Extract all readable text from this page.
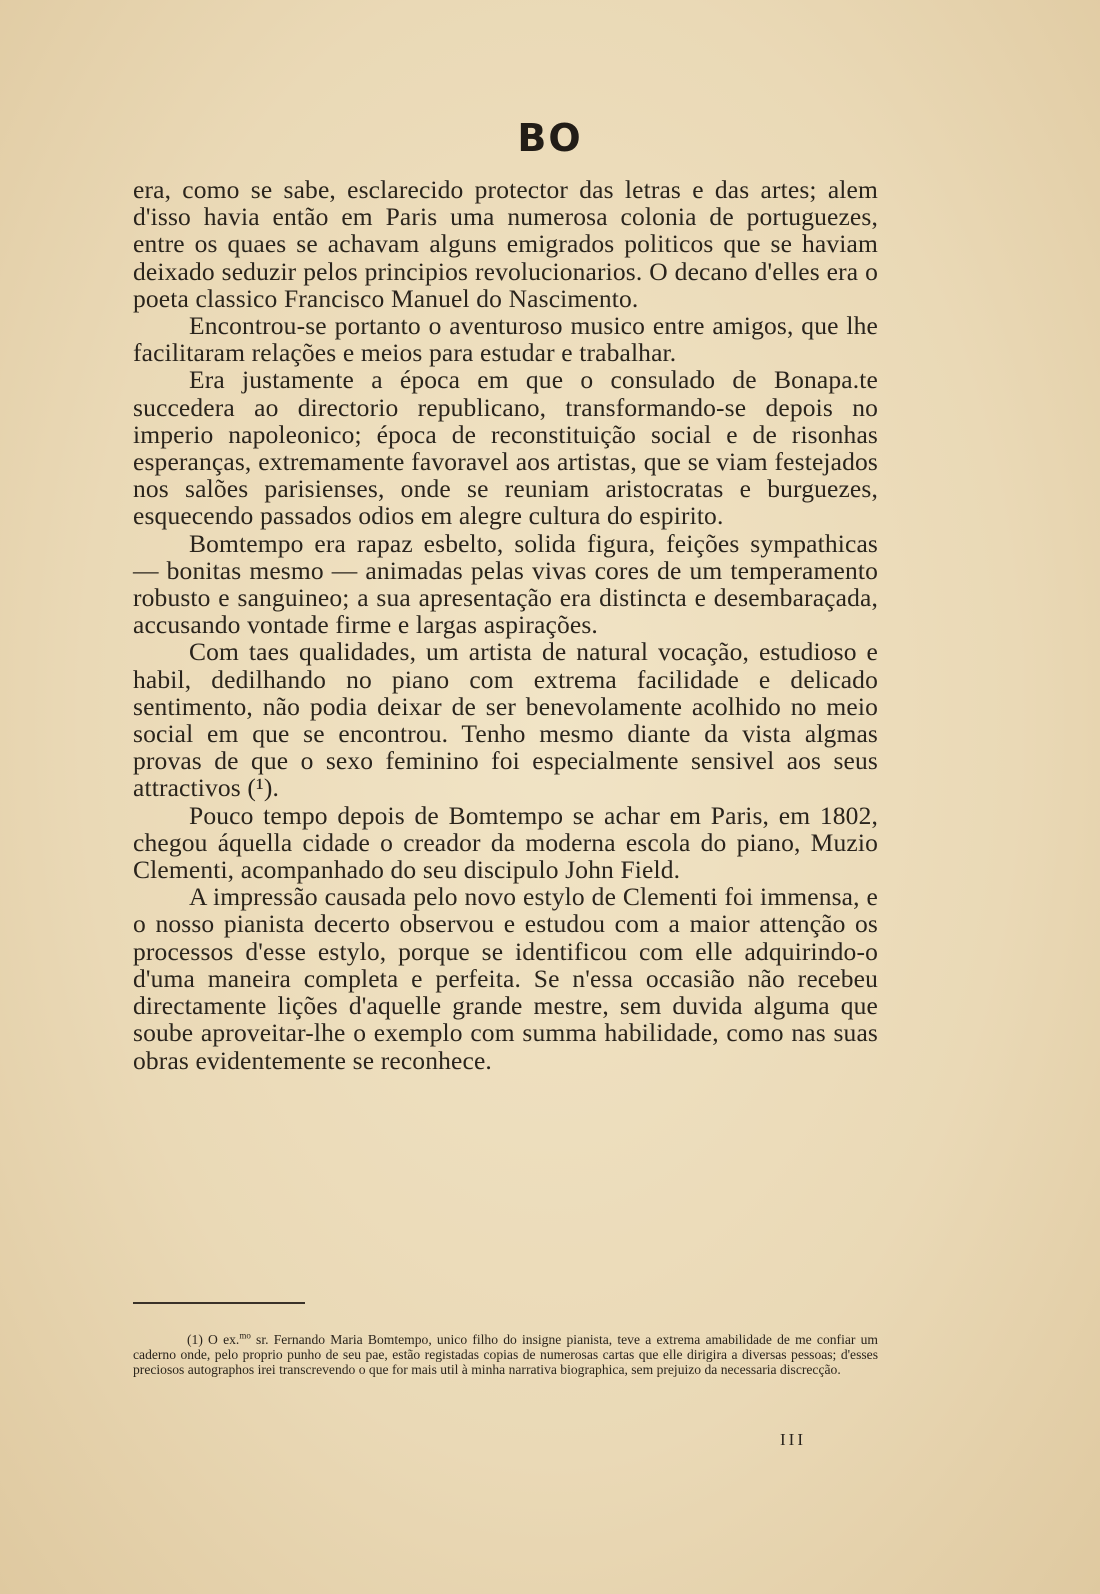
BO

era, como se sabe, esclarecido protector das letras e das artes; alem d'isso havia então em Paris uma numerosa colonia de portuguezes, entre os quaes se achavam alguns emigrados politicos que se haviam deixado seduzir pelos principios revolucionarios. O decano d'elles era o poeta classico Francisco Manuel do Nascimento.

Encontrou-se portanto o aventuroso musico entre amigos, que lhe facilitaram relações e meios para estudar e trabalhar.

Era justamente a época em que o consulado de Bonapa.te succedera ao directorio republicano, transformando-se depois no imperio napoleonico; época de reconstituição social e de risonhas esperanças, extremamente favoravel aos artistas, que se viam festejados nos salões parisienses, onde se reuniam aristocratas e burguezes, esquecendo passados odios em alegre cultura do espirito.

Bomtempo era rapaz esbelto, solida figura, feições sympathicas — bonitas mesmo — animadas pelas vivas cores de um temperamento robusto e sanguineo; a sua apresentação era distincta e desembaraçada, accusando vontade firme e largas aspirações.

Com taes qualidades, um artista de natural vocação, estudioso e habil, dedilhando no piano com extrema facilidade e delicado sentimento, não podia deixar de ser benevolamente acolhido no meio social em que se encontrou. Tenho mesmo diante da vista algmas provas de que o sexo feminino foi especialmente sensivel aos seus attractivos (¹).

Pouco tempo depois de Bomtempo se achar em Paris, em 1802, chegou áquella cidade o creador da moderna escola do piano, Muzio Clementi, acompanhado do seu discipulo John Field.

A impressão causada pelo novo estylo de Clementi foi immensa, e o nosso pianista decerto observou e estudou com a maior attenção os processos d'esse estylo, porque se identificou com elle adquirindo-o d'uma maneira completa e perfeita. Se n'essa occasião não recebeu directamente lições d'aquelle grande mestre, sem duvida alguma que soube aproveitar-lhe o exemplo com summa habilidade, como nas suas obras evidentemente se reconhece.

(1) O ex.$^{mo}$ sr. Fernando Maria Bomtempo, unico filho do insigne pianista, teve a extrema amabilidade de me confiar um caderno onde, pelo proprio punho de seu pae, estão registadas copias de numerosas cartas que elle dirigira a diversas pessoas; d'esses preciosos autographos irei transcrevendo o que for mais util à minha narrativa biographica, sem prejuizo da necessaria discrecção.
III
